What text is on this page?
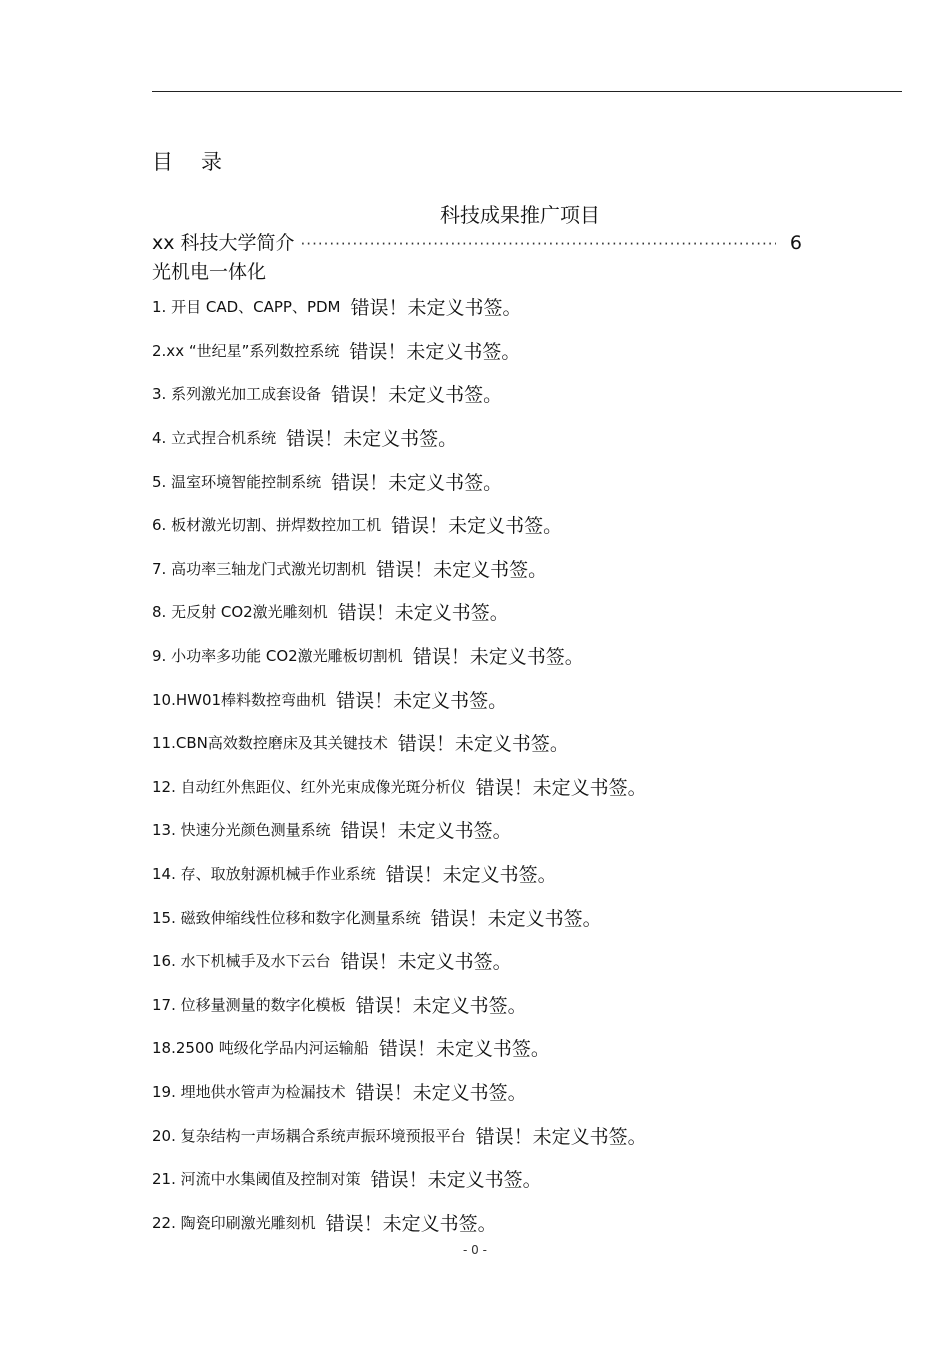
目 录
科技成果推广项目
xx 科技大学简介
·····	6
光机电一体化
1. 开目 CAD、CAPP、PDM 错误！未定义书签。
2.xx “世纪星”系列数控系统 错误！未定义书签。
3. 系列激光加工成套设备 错误！未定义书签。
4. 立式捏合机系统 错误！未定义书签。
5. 温室环境智能控制系统 错误！未定义书签。
6. 板材激光切割、拼焊数控加工机 错误！未定义书签。
7. 高功率三轴龙门式激光切割机 错误！未定义书签。
8. 无反射 CO2激光雕刻机 错误！未定义书签。
9. 小功率多功能 CO2激光雕板切割机 错误！未定义书签。
10.HW01棒料数控弯曲机 错误！未定义书签。
11.CBN高效数控磨床及其关键技术 错误！未定义书签。
12. 自动红外焦距仪、红外光束成像光斑分析仪 错误！未定义书签。
13. 快速分光颜色测量系统 错误！未定义书签。
14. 存、取放射源机械手作业系统 错误！未定义书签。
15. 磁致伸缩线性位移和数字化测量系统 错误！未定义书签。
16. 水下机械手及水下云台 错误！未定义书签。
17. 位移量测量的数字化模板 错误！未定义书签。
18.2500 吨级化学品内河运输船 错误！未定义书签。
19. 埋地供水管声为检漏技术 错误！未定义书签。
20. 复杂结构一声场耦合系统声振环境预报平台 错误！未定义书签。
21. 河流中水集阈值及控制对策 错误！未定义书签。
22. 陶瓷印刷激光雕刻机 错误！未定义书签。
- 0 -
